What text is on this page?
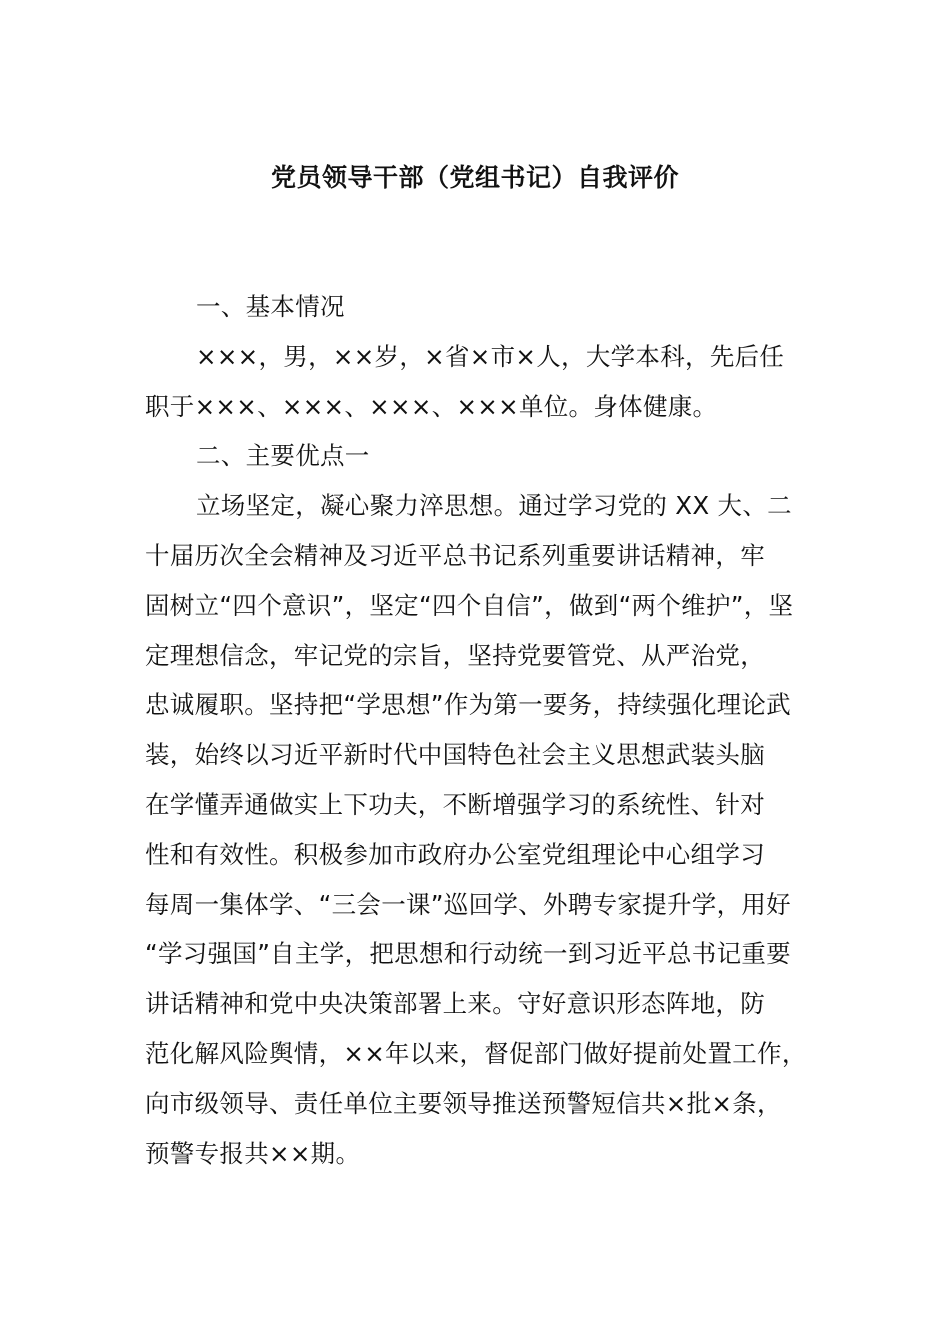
党员领导干部（党组书记）自我评价
一、基本情况
×××，男，××岁，×省×市×人，大学本科，先后任
职于×××、×××、×××、×××单位。身体健康。
二、主要优点一
立场坚定，凝心聚力淬思想。通过学习党的 XX 大、二
十届历次全会精神及习近平总书记系列重要讲话精神，牢
固树立“四个意识”，坚定“四个自信”，做到“两个维护”，坚
定理想信念，牢记党的宗旨，坚持党要管党、从严治党，
忠诚履职。坚持把“学思想”作为第一要务，持续强化理论武
装，始终以习近平新时代中国特色社会主义思想武装头脑
在学懂弄通做实上下功夫，不断增强学习的系统性、针对
性和有效性。积极参加市政府办公室党组理论中心组学习
每周一集体学、“三会一课”巡回学、外聘专家提升学，用好
“学习强国”自主学，把思想和行动统一到习近平总书记重要
讲话精神和党中央决策部署上来。守好意识形态阵地，防
范化解风险舆情，××年以来，督促部门做好提前处置工作，
向市级领导、责任单位主要领导推送预警短信共×批×条，
预警专报共××期。
